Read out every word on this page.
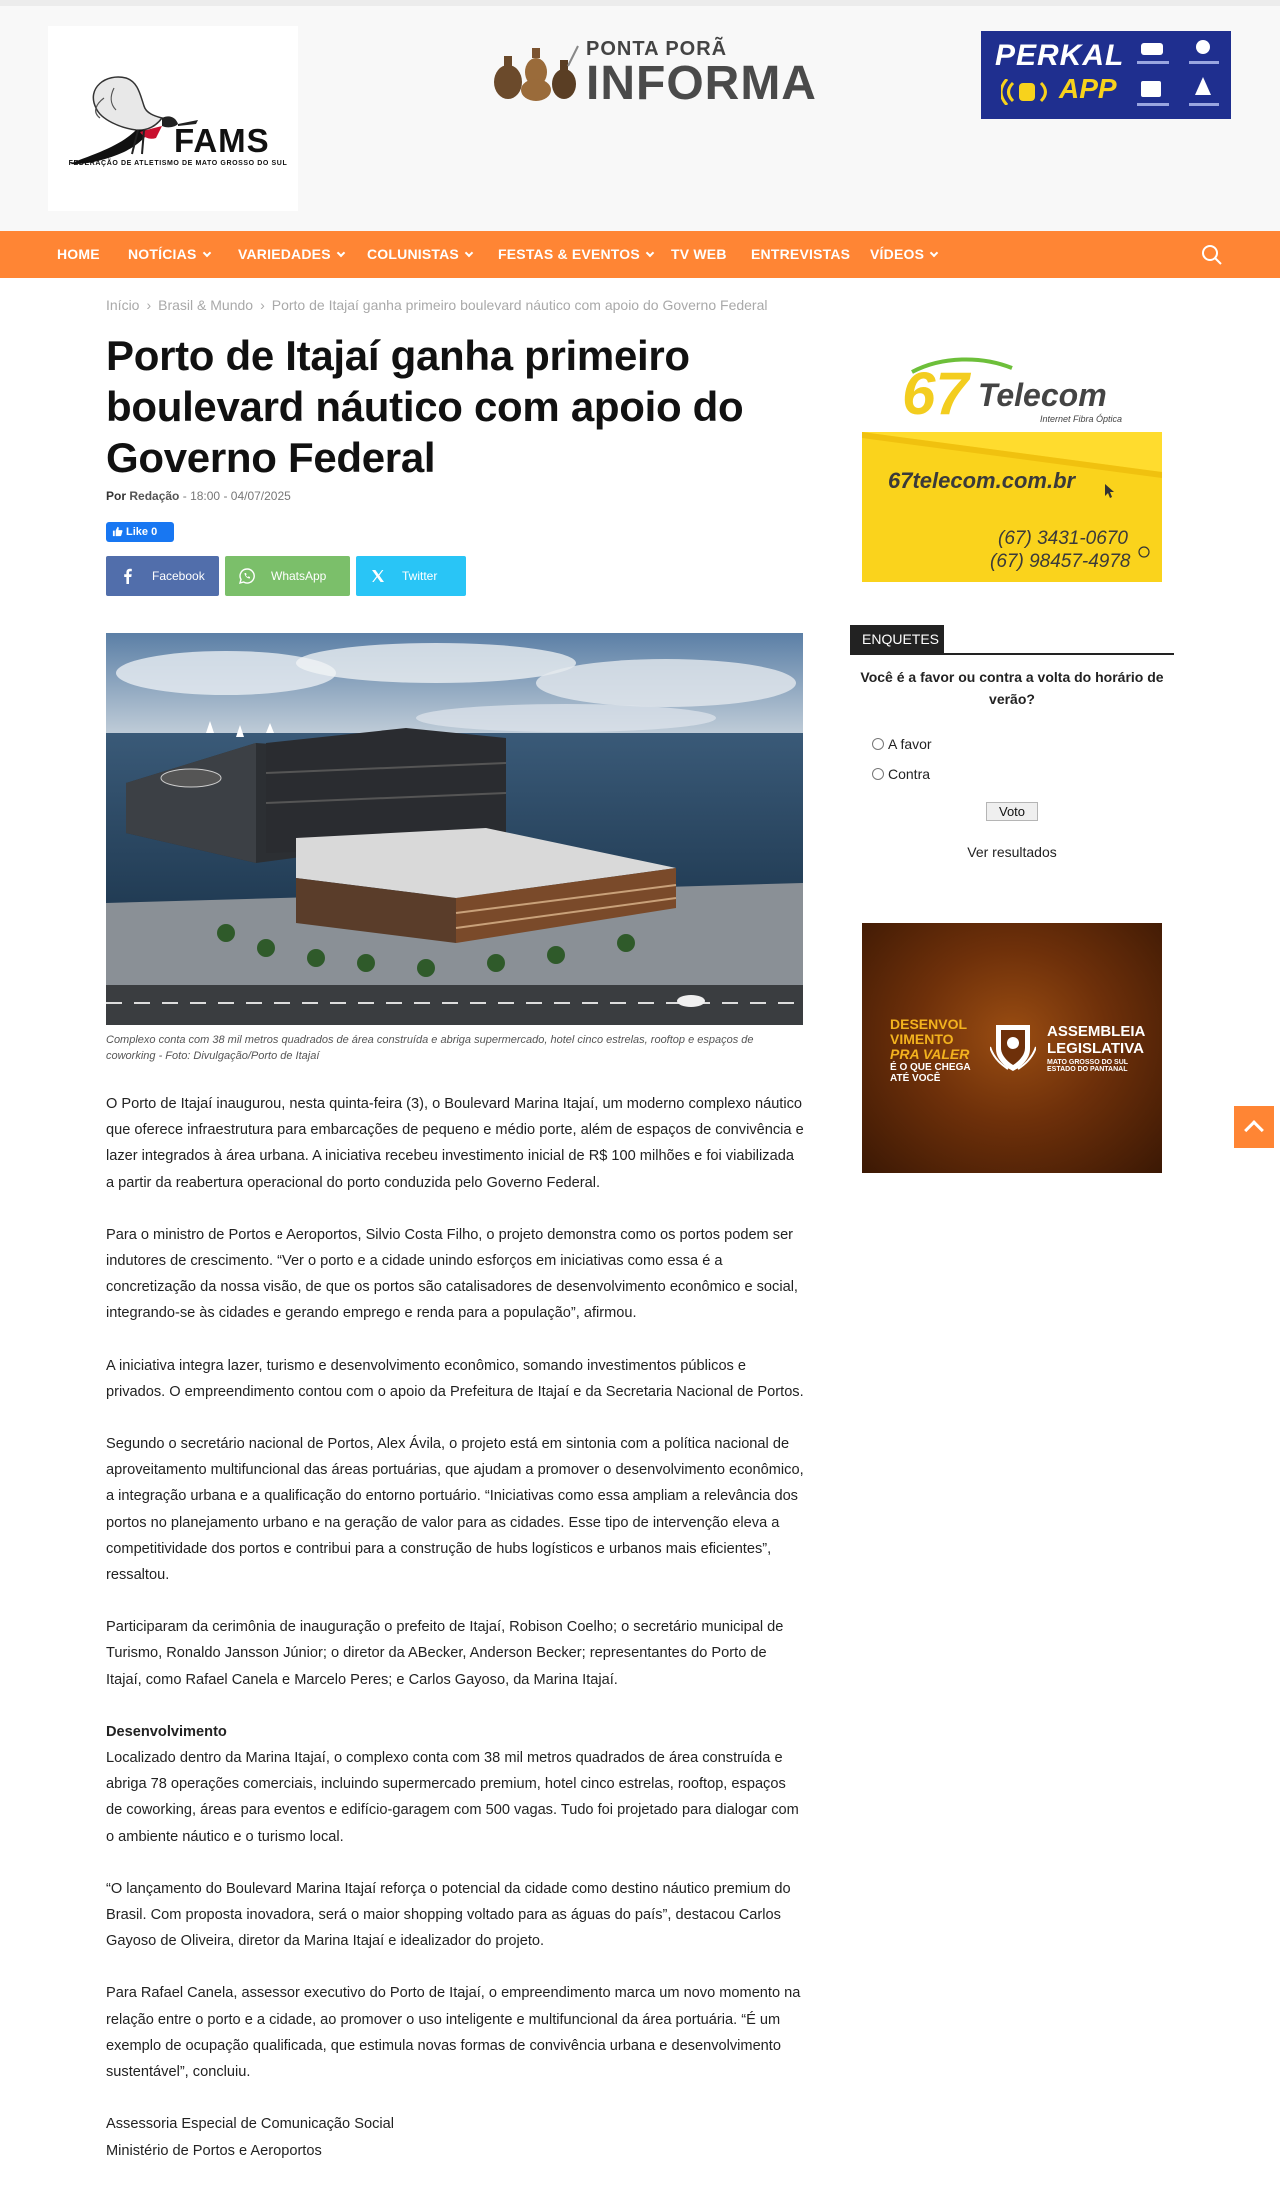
FAMS
FEDERAÇÃO DE ATLETISMO DE MATO GROSSO DO SUL
PONTA PORÃ
INFORMA
PERKAL
APP
HOME NOTÍCIAS	VARIEDADES	COLUNISTAS	FESTAS & EVENTOS	TV WEB ENTREVISTAS VÍDEOS
Início › Brasil & Mundo › Porto de Itajaí ganha primeiro boulevard náutico com apoio do Governo Federal
Porto de Itajaí ganha primeiro boulevard náutico com apoio do Governo Federal
Por Redação - 18:00 - 04/07/2025
Like 0
Facebook	WhatsApp	Twitter
Complexo conta com 38 mil metros quadrados de área construída e abriga supermercado, hotel cinco estrelas, rooftop e espaços de coworking - Foto: Divulgação/Porto de Itajaí

O Porto de Itajaí inaugurou, nesta quinta-feira (3), o Boulevard Marina Itajaí, um moderno complexo náutico que oferece infraestrutura para embarcações de pequeno e médio porte, além de espaços de convivência e lazer integrados à área urbana. A iniciativa recebeu investimento inicial de R$ 100 milhões e foi viabilizada a partir da reabertura operacional do porto conduzida pelo Governo Federal.

Para o ministro de Portos e Aeroportos, Silvio Costa Filho, o projeto demonstra como os portos podem ser indutores de crescimento. “Ver o porto e a cidade unindo esforços em iniciativas como essa é a concretização da nossa visão, de que os portos são catalisadores de desenvolvimento econômico e social, integrando-se às cidades e gerando emprego e renda para a população”, afirmou.

A iniciativa integra lazer, turismo e desenvolvimento econômico, somando investimentos públicos e privados. O empreendimento contou com o apoio da Prefeitura de Itajaí e da Secretaria Nacional de Portos.

Segundo o secretário nacional de Portos, Alex Ávila, o projeto está em sintonia com a política nacional de aproveitamento multifuncional das áreas portuárias, que ajudam a promover o desenvolvimento econômico, a integração urbana e a qualificação do entorno portuário. “Iniciativas como essa ampliam a relevância dos portos no planejamento urbano e na geração de valor para as cidades. Esse tipo de intervenção eleva a competitividade dos portos e contribui para a construção de hubs logísticos e urbanos mais eficientes”, ressaltou.

Participaram da cerimônia de inauguração o prefeito de Itajaí, Robison Coelho; o secretário municipal de Turismo, Ronaldo Jansson Júnior; o diretor da ABecker, Anderson Becker; representantes do Porto de Itajaí, como Rafael Canela e Marcelo Peres; e Carlos Gayoso, da Marina Itajaí.

Desenvolvimento

Localizado dentro da Marina Itajaí, o complexo conta com 38 mil metros quadrados de área construída e abriga 78 operações comerciais, incluindo supermercado premium, hotel cinco estrelas, rooftop, espaços de coworking, áreas para eventos e edifício-garagem com 500 vagas. Tudo foi projetado para dialogar com o ambiente náutico e o turismo local.

“O lançamento do Boulevard Marina Itajaí reforça o potencial da cidade como destino náutico premium do Brasil. Com proposta inovadora, será o maior shopping voltado para as águas do país”, destacou Carlos Gayoso de Oliveira, diretor da Marina Itajaí e idealizador do projeto.

Para Rafael Canela, assessor executivo do Porto de Itajaí, o empreendimento marca um novo momento na relação entre o porto e a cidade, ao promover o uso inteligente e multifuncional da área portuária. “É um exemplo de ocupação qualificada, que estimula novas formas de convivência urbana e desenvolvimento sustentável”, concluiu.

Assessoria Especial de Comunicação Social

Ministério de Portos e Aeroportos

67 Telecom
Internet Fibra Óptica
67telecom.com.br
(67) 3431-0670
(67) 98457-4978
ENQUETES
Você é a favor ou contra a volta do horário de verão?
A favor
Contra
Voto
Ver resultados
DESENVOL VIMENTO
PRA VALER
É O QUE CHEGA ATÉ VOCÊ
ASSEMBLEIA LEGISLATIVA
MATO GROSSO DO SUL ESTADO DO PANTANAL
